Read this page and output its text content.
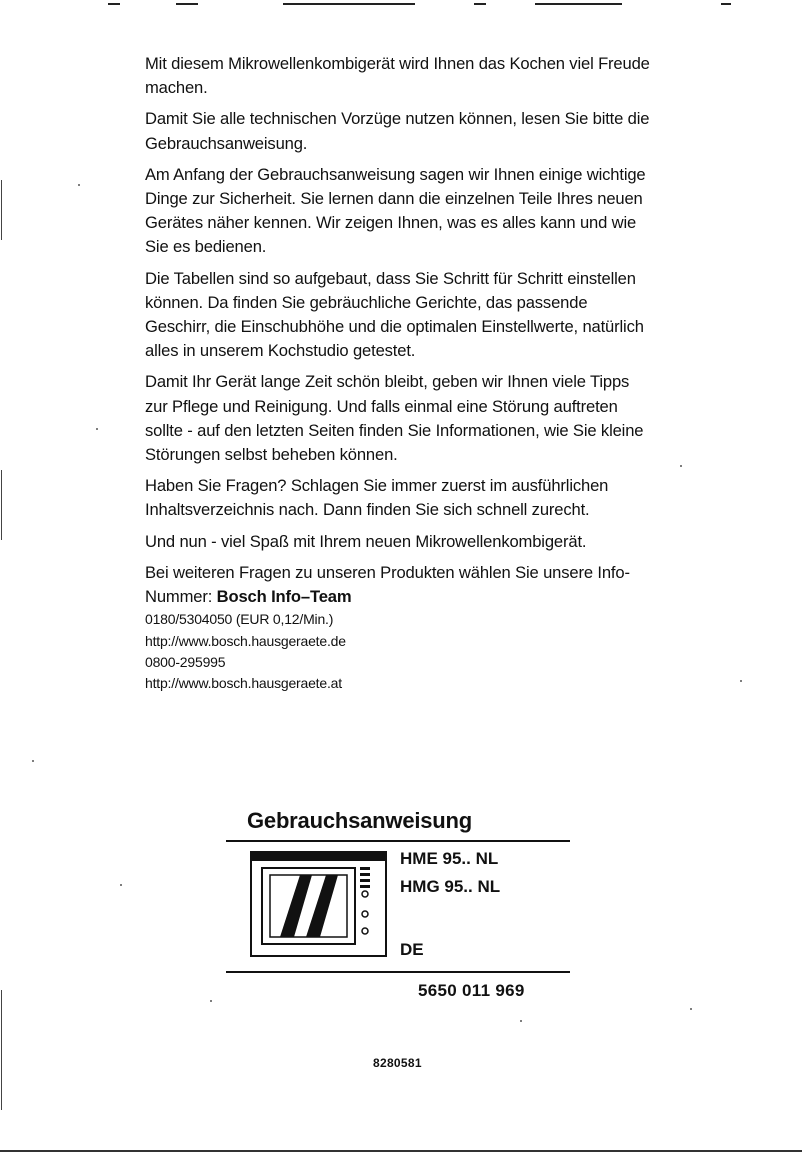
Mit diesem Mikrowellenkombigerät wird Ihnen das Kochen viel Freude machen.

Damit Sie alle technischen Vorzüge nutzen können, lesen Sie bitte die Gebrauchsanweisung.

Am Anfang der Gebrauchsanweisung sagen wir Ihnen einige wichtige Dinge zur Sicherheit. Sie lernen dann die einzelnen Teile Ihres neuen Gerätes näher kennen. Wir zeigen Ihnen, was es alles kann und wie Sie es bedienen.

Die Tabellen sind so aufgebaut, dass Sie Schritt für Schritt einstellen können. Da finden Sie gebräuchliche Gerichte, das passende Geschirr, die Einschubhöhe und die optimalen Einstellwerte, natürlich alles in unserem Kochstudio getestet.

Damit Ihr Gerät lange Zeit schön bleibt, geben wir Ihnen viele Tipps zur Pflege und Reinigung. Und falls einmal eine Störung auftreten sollte - auf den letzten Seiten finden Sie Informationen, wie Sie kleine Störungen selbst beheben können.

Haben Sie Fragen? Schlagen Sie immer zuerst im ausführlichen Inhaltsverzeichnis nach. Dann finden Sie sich schnell zurecht.

Und nun - viel Spaß mit Ihrem neuen Mikrowellenkombigerät.

Bei weiteren Fragen zu unseren Produkten wählen Sie unsere Info-Nummer: Bosch Info–Team

0180/5304050 (EUR 0,12/Min.)

http://www.bosch.hausgeraete.de

0800-295995

http://www.bosch.hausgeraete.at

Gebrauchsanweisung
HME 95.. NL
HMG 95.. NL
DE
5650 011 969
8280581
